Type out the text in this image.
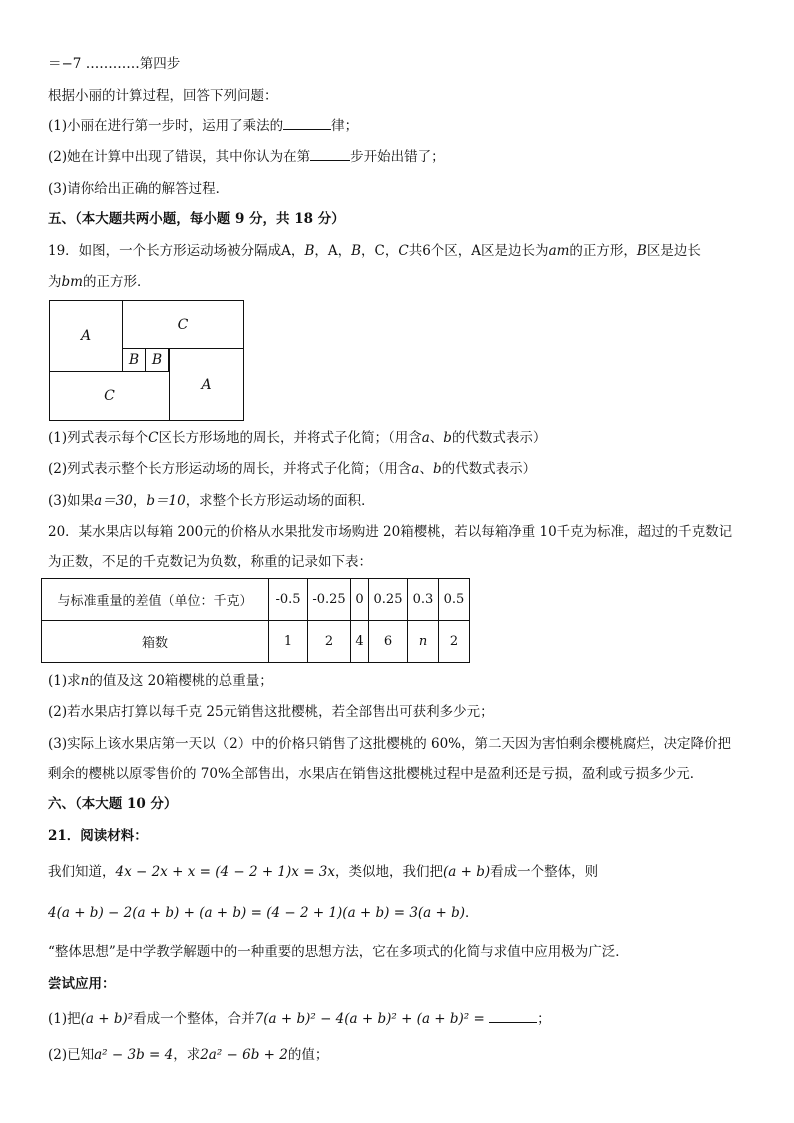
＝−7 …………第四步
根据小丽的计算过程，回答下列问题：
(1)小丽在进行第一步时，运用了乘法的	律；
(2)她在计算中出现了错误，其中你认为在第	步开始出错了；
(3)请你给出正确的解答过程．
五、（本大题共两小题，每小题 9 分，共 18 分）
19．如图，一个长方形运动场被分隔成A，B，A，B，C，C共6个区，A区是边长为am的正方形，B区是边长
为bm的正方形．
A
C
B B
C
A
(1)列式表示每个C区长方形场地的周长，并将式子化简；（用含a、b的代数式表示）
(2)列式表示整个长方形运动场的周长，并将式子化简；（用含a、b的代数式表示）
(3)如果a＝30，b＝10，求整个长方形运动场的面积．
20．某水果店以每箱 200元的价格从水果批发市场购进 20箱樱桃，若以每箱净重 10千克为标准，超过的千克数记
为正数，不足的千克数记为负数，称重的记录如下表：
与标准重量的差值（单位：千克）	-0.5	-0.25	0	0.25	0.3	0.5
箱数	1	2	4	6	n	2
(1)求n的值及这 20箱樱桃的总重量；
(2)若水果店打算以每千克 25元销售这批樱桃，若全部售出可获利多少元；
(3)实际上该水果店第一天以（2）中的价格只销售了这批樱桃的 60%，第二天因为害怕剩余樱桃腐烂，决定降价把
剩余的樱桃以原零售价的 70%全部售出，水果店在销售这批樱桃过程中是盈利还是亏损，盈利或亏损多少元．
六、（本大题 10 分）
21．阅读材料：
我们知道，4x − 2x + x = (4 − 2 + 1)x = 3x，类似地，我们把(a + b)看成一个整体，则
4(a + b) − 2(a + b) + (a + b) = (4 − 2 + 1)(a + b) = 3(a + b)．
“整体思想”是中学教学解题中的一种重要的思想方法，它在多项式的化简与求值中应用极为广泛．
尝试应用：
(1)把(a + b)²看成一个整体，合并7(a + b)² − 4(a + b)² + (a + b)² =	；
(2)已知a² − 3b = 4，求2a² − 6b + 2的值；
